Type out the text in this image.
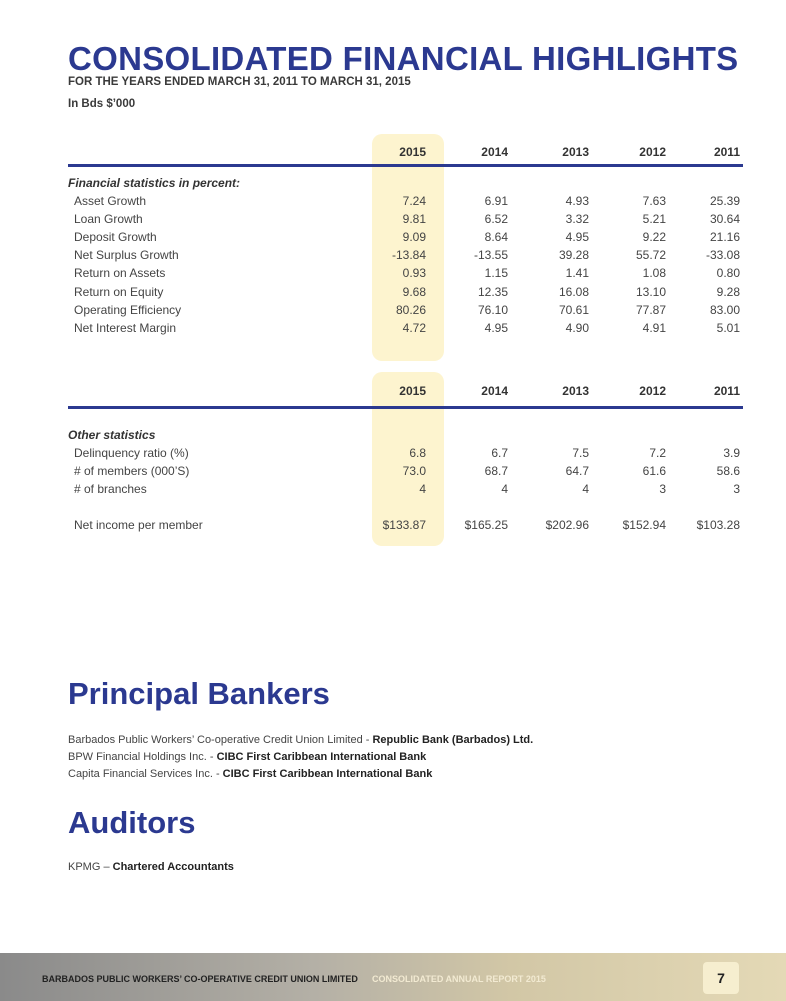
CONSOLIDATED FINANCIAL HIGHLIGHTS
FOR THE YEARS ENDED MARCH 31, 2011 TO MARCH 31, 2015
In Bds $’000
2015	2014	2013	2012	2011
Financial statistics in percent:
Asset Growth	7.24	6.91	4.93	7.63	25.39
Loan Growth	9.81	6.52	3.32	5.21	30.64
Deposit Growth	9.09	8.64	4.95	9.22	21.16
Net Surplus Growth	-13.84	-13.55	39.28	55.72	-33.08
Return on Assets	0.93	1.15	1.41	1.08	0.80
Return on Equity	9.68	12.35	16.08	13.10	9.28
Operating Efficiency	80.26	76.10	70.61	77.87	83.00
Net Interest Margin	4.72	4.95	4.90	4.91	5.01
2015	2014	2013	2012	2011
Other statistics
Delinquency ratio (%)	6.8	6.7	7.5	7.2	3.9
# of members (000’S)	73.0	68.7	64.7	61.6	58.6
# of branches	4	4	4	3	3
Net income per member	$133.87	$165.25	$202.96	$152.94	$103.28
Principal Bankers
Barbados Public Workers’ Co-operative Credit Union Limited - Republic Bank (Barbados) Ltd.
BPW Financial Holdings Inc. - CIBC First Caribbean International Bank
Capita Financial Services Inc. - CIBC First Caribbean International Bank
Auditors
KPMG – Chartered Accountants
BARBADOS PUBLIC WORKERS’ CO-OPERATIVE CREDIT UNION LIMITED CONSOLIDATED ANNUAL REPORT 2015	7
